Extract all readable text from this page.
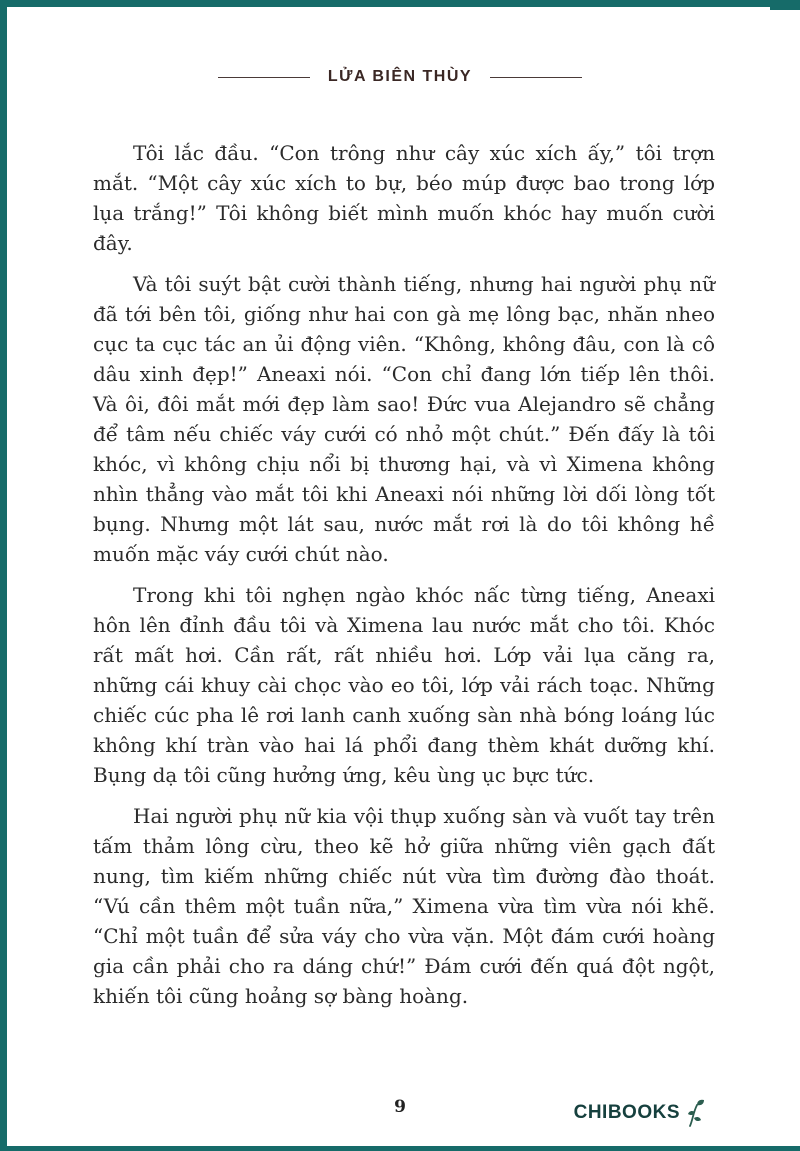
LỬA BIÊN THÙY

Tôi lắc đầu. “Con trông như cây xúc xích ấy,” tôi trợn mắt. “Một cây xúc xích to bự, béo múp được bao trong lớp lụa trắng!” Tôi không biết mình muốn khóc hay muốn cười đây.

Và tôi suýt bật cười thành tiếng, nhưng hai người phụ nữ đã tới bên tôi, giống như hai con gà mẹ lông bạc, nhăn nheo cục ta cục tác an ủi động viên. “Không, không đâu, con là cô dâu xinh đẹp!” Aneaxi nói. “Con chỉ đang lớn tiếp lên thôi. Và ôi, đôi mắt mới đẹp làm sao! Đức vua Alejandro sẽ chẳng để tâm nếu chiếc váy cưới có nhỏ một chút.” Đến đấy là tôi khóc, vì không chịu nổi bị thương hại, và vì Ximena không nhìn thẳng vào mắt tôi khi Aneaxi nói những lời dối lòng tốt bụng. Nhưng một lát sau, nước mắt rơi là do tôi không hề muốn mặc váy cưới chút nào.

Trong khi tôi nghẹn ngào khóc nấc từng tiếng, Aneaxi hôn lên đỉnh đầu tôi và Ximena lau nước mắt cho tôi. Khóc rất mất hơi. Cần rất, rất nhiều hơi. Lớp vải lụa căng ra, những cái khuy cài chọc vào eo tôi, lớp vải rách toạc. Những chiếc cúc pha lê rơi lanh canh xuống sàn nhà bóng loáng lúc không khí tràn vào hai lá phổi đang thèm khát dưỡng khí. Bụng dạ tôi cũng hưởng ứng, kêu ùng ục bực tức.

Hai người phụ nữ kia vội thụp xuống sàn và vuốt tay trên tấm thảm lông cừu, theo kẽ hở giữa những viên gạch đất nung, tìm kiếm những chiếc nút vừa tìm đường đào thoát. “Vú cần thêm một tuần nữa,” Ximena vừa tìm vừa nói khẽ. “Chỉ một tuần để sửa váy cho vừa vặn. Một đám cưới hoàng gia cần phải cho ra dáng chứ!” Đám cưới đến quá đột ngột, khiến tôi cũng hoảng sợ bàng hoàng.

9	CHIBOOKS
